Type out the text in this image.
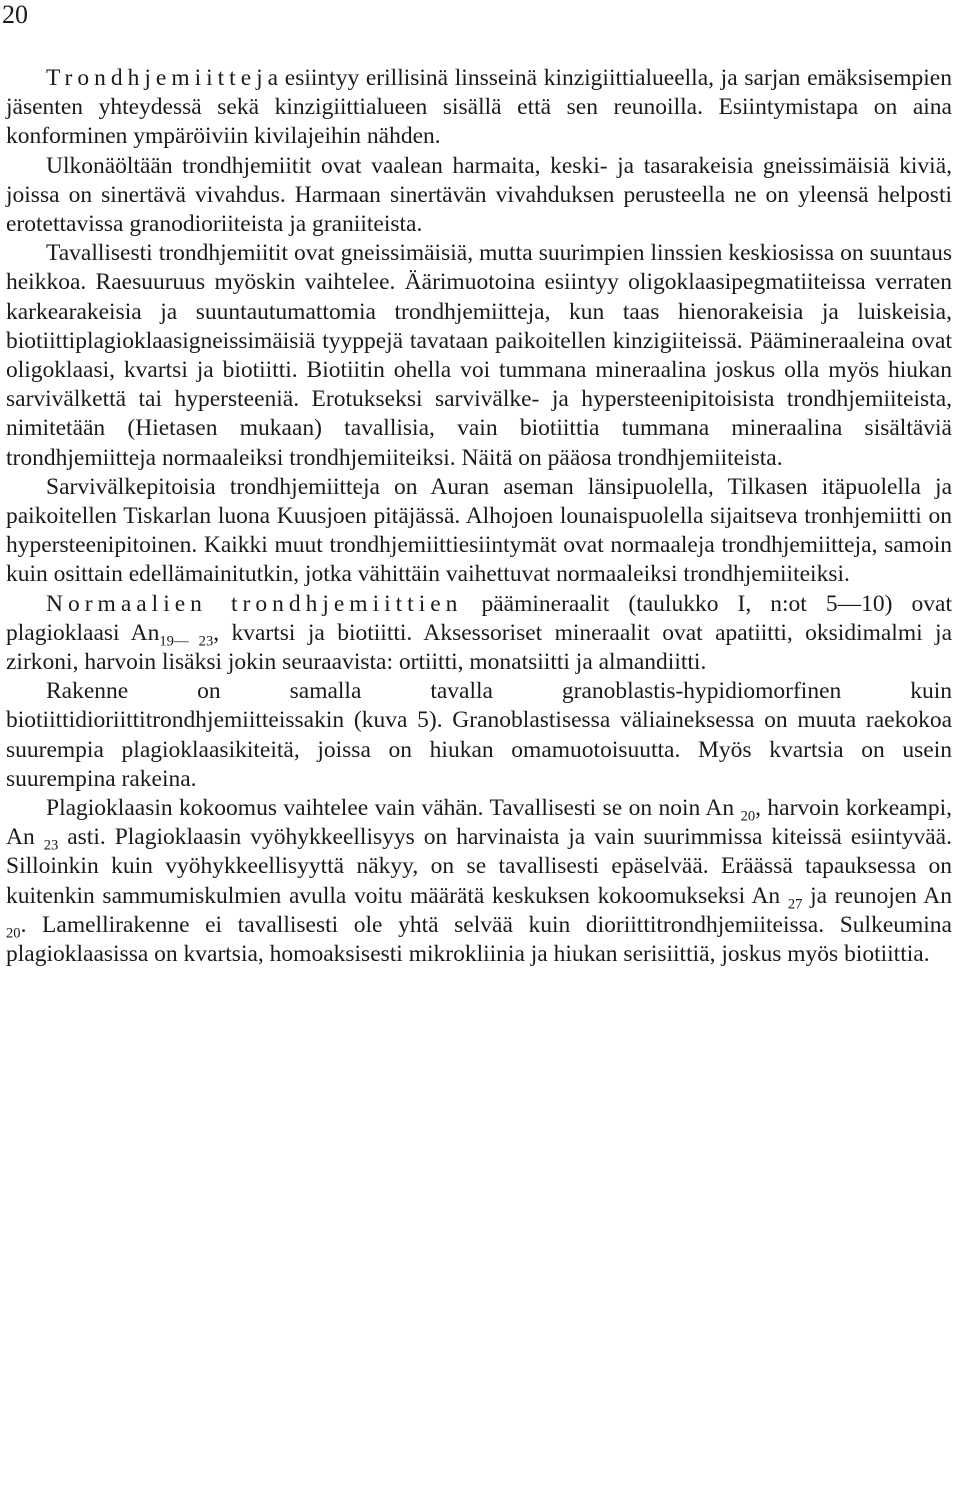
20

Trondhjemiitteja esiintyy erillisinä linsseinä kinzigiittialueella, ja sarjan emäksisempien jäsenten yhteydessä sekä kinzigiittialueen sisällä että sen reunoilla. Esiintymistapa on aina konforminen ympäröiviin kivilajeihin nähden.

Ulkonäöltään trondhjemiitit ovat vaalean harmaita, keski- ja tasarakeisia gneissimäisiä kiviä, joissa on sinertävä vivahdus. Harmaan sinertävän vivahduksen perusteella ne on yleensä helposti erotettavissa granodioriiteista ja graniiteista.

Tavallisesti trondhjemiitit ovat gneissimäisiä, mutta suurimpien linssien keskiosissa on suuntaus heikkoa. Raesuuruus myöskin vaihtelee. Äärimuotoina esiintyy oligoklaasipegmatiiteissa verraten karkearakeisia ja suuntautumattomia trondhjemiitteja, kun taas hienorakeisia ja luiskeisia, biotiittiplagioklaasigneissimäisiä tyyppejä tavataan paikoitellen kinzigiiteissä. Päämineraaleina ovat oligoklaasi, kvartsi ja biotiitti. Biotiitin ohella voi tummana mineraalina joskus olla myös hiukan sarvivälkettä tai hypersteeniä. Erotukseksi sarvivälke- ja hypersteenipitoisista trondhjemiiteista, nimitetään (Hietasen mukaan) tavallisia, vain biotiittia tummana mineraalina sisältäviä trondhjemiitteja normaaleiksi trondhjemiiteiksi. Näitä on pääosa trondhjemiiteista.

Sarvivälkepitoisia trondhjemiitteja on Auran aseman länsipuolella, Tilkasen itäpuolella ja paikoitellen Tiskarlan luona Kuusjoen pitäjässä. Alhojoen lounaispuolella sijaitseva tronhjemiitti on hypersteenipitoinen. Kaikki muut trondhjemiittiesiintymät ovat normaaleja trondhjemiitteja, samoin kuin osittain edellämainitutkin, jotka vähittäin vaihettuvat normaaleiksi trondhjemiiteiksi.

Normaalien trondhjemiittien päämineraalit (taulukko I, n:ot 5—10) ovat plagioklaasi $An_{19— 23}$, kvartsi ja biotiitti. Aksessoriset mineraalit ovat apatiitti, oksidimalmi ja zirkoni, harvoin lisäksi jokin seuraavista: ortiitti, monatsiitti ja almandiitti.

Rakenne on samalla tavalla granoblastis-hypidiomorfinen kuin biotiittidioriittitrondhjemiitteissakin (kuva 5). Granoblastisessa väliaineksessa on muuta raekokoa suurempia plagioklaasikiteitä, joissa on hiukan omamuotoisuutta. Myös kvartsia on usein suurempina rakeina.

Plagioklaasin kokoomus vaihtelee vain vähän. Tavallisesti se on noin An $_{20}$, harvoin korkeampi, An $_{23}$ asti. Plagioklaasin vyöhykkeellisyys on harvinaista ja vain suurimmissa kiteissä esiintyvää. Silloinkin kuin vyöhykkeellisyyttä näkyy, on se tavallisesti epäselvää. Eräässä tapauksessa on kuitenkin sammumiskulmien avulla voitu määrätä keskuksen kokoomukseksi An $_{27}$ ja reunojen An $_{20}$. Lamellirakenne ei tavallisesti ole yhtä selvää kuin dioriittitrondhjemiiteissa. Sulkeumina plagioklaasissa on kvartsia, homoaksisesti mikrokliinia ja hiukan serisiittiä, joskus myös biotiittia.
